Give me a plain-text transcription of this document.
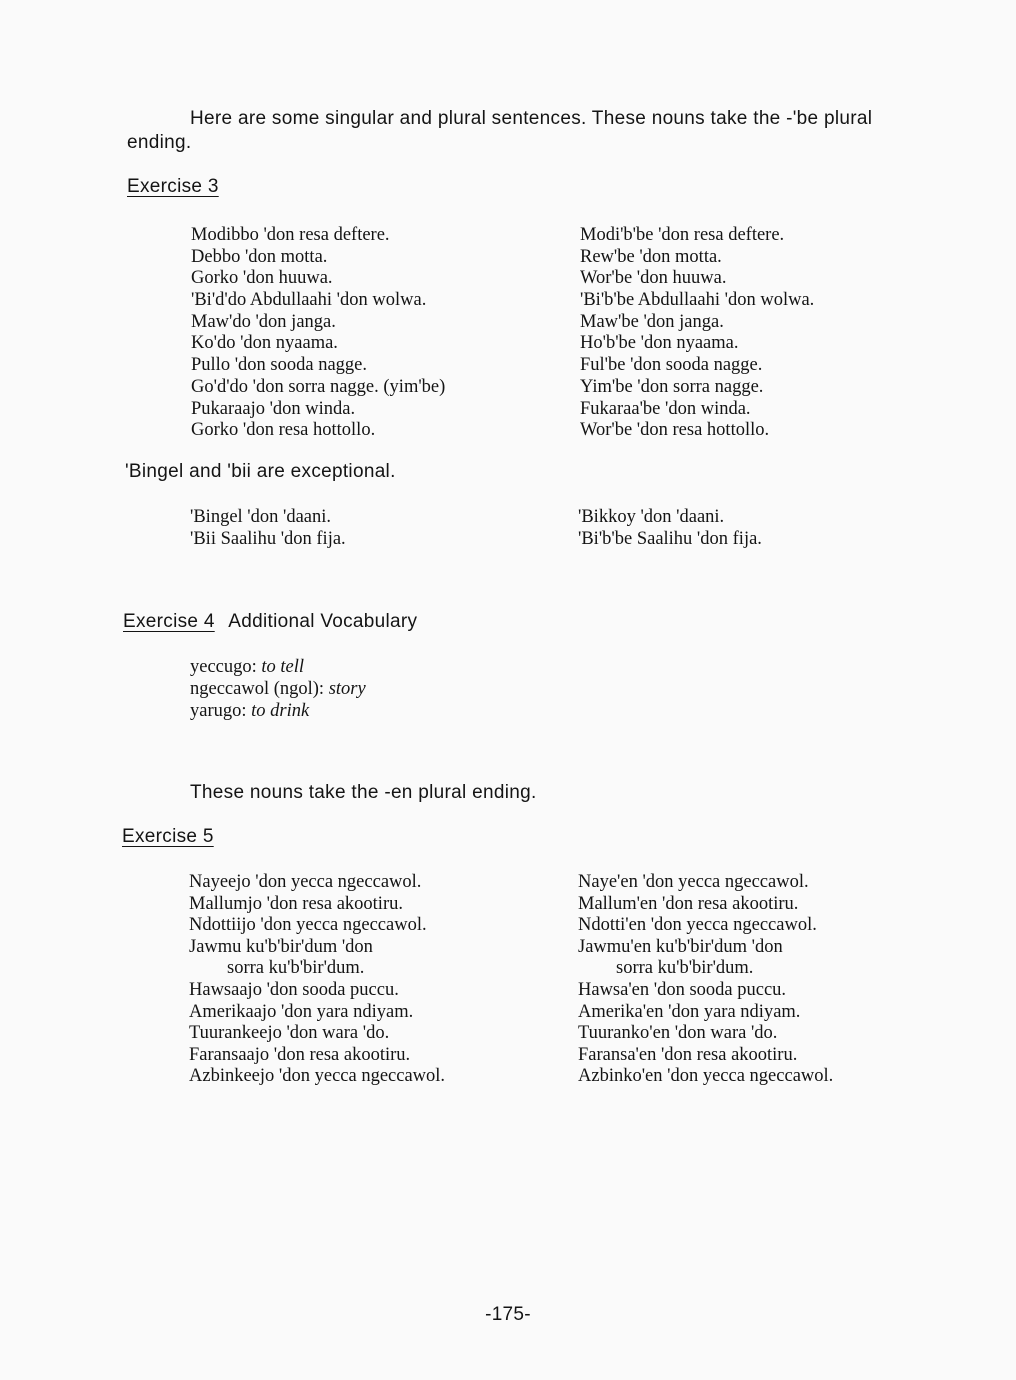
Here are some singular and plural sentences. These nouns take the -'be plural
ending.
Exercise 3
Modibbo 'don resa deftere.
Debbo 'don motta.
Gorko 'don huuwa.
'Bi'd'do Abdullaahi 'don wolwa.
Maw'do 'don janga.
Ko'do 'don nyaama.
Pullo 'don sooda nagge.
Go'd'do 'don sorra nagge. (yim'be)
Pukaraajo 'don winda.
Gorko 'don resa hottollo.
Modi'b'be 'don resa deftere.
Rew'be 'don motta.
Wor'be 'don huuwa.
'Bi'b'be Abdullaahi 'don wolwa.
Maw'be 'don janga.
Ho'b'be 'don nyaama.
Ful'be 'don sooda nagge.
Yim'be 'don sorra nagge.
Fukaraa'be 'don winda.
Wor'be 'don resa hottollo.
'Bingel and 'bii are exceptional.
'Bingel 'don 'daani.
'Bii Saalihu 'don fija.
'Bikkoy 'don 'daani.
'Bi'b'be Saalihu 'don fija.
Exercise 4 Additional Vocabulary
yeccugo: to tell
ngeccawol (ngol): story
yarugo: to drink
These nouns take the -en plural ending.
Exercise 5
Nayeejo 'don yecca ngeccawol.
Mallumjo 'don resa akootiru.
Ndottiijo 'don yecca ngeccawol.
Jawmu ku'b'bir'dum 'don
sorra ku'b'bir'dum.
Hawsaajo 'don sooda puccu.
Amerikaajo 'don yara ndiyam.
Tuurankeejo 'don wara 'do.
Faransaajo 'don resa akootiru.
Azbinkeejo 'don yecca ngeccawol.
Naye'en 'don yecca ngeccawol.
Mallum'en 'don resa akootiru.
Ndotti'en 'don yecca ngeccawol.
Jawmu'en ku'b'bir'dum 'don
sorra ku'b'bir'dum.
Hawsa'en 'don sooda puccu.
Amerika'en 'don yara ndiyam.
Tuuranko'en 'don wara 'do.
Faransa'en 'don resa akootiru.
Azbinko'en 'don yecca ngeccawol.
-175-
